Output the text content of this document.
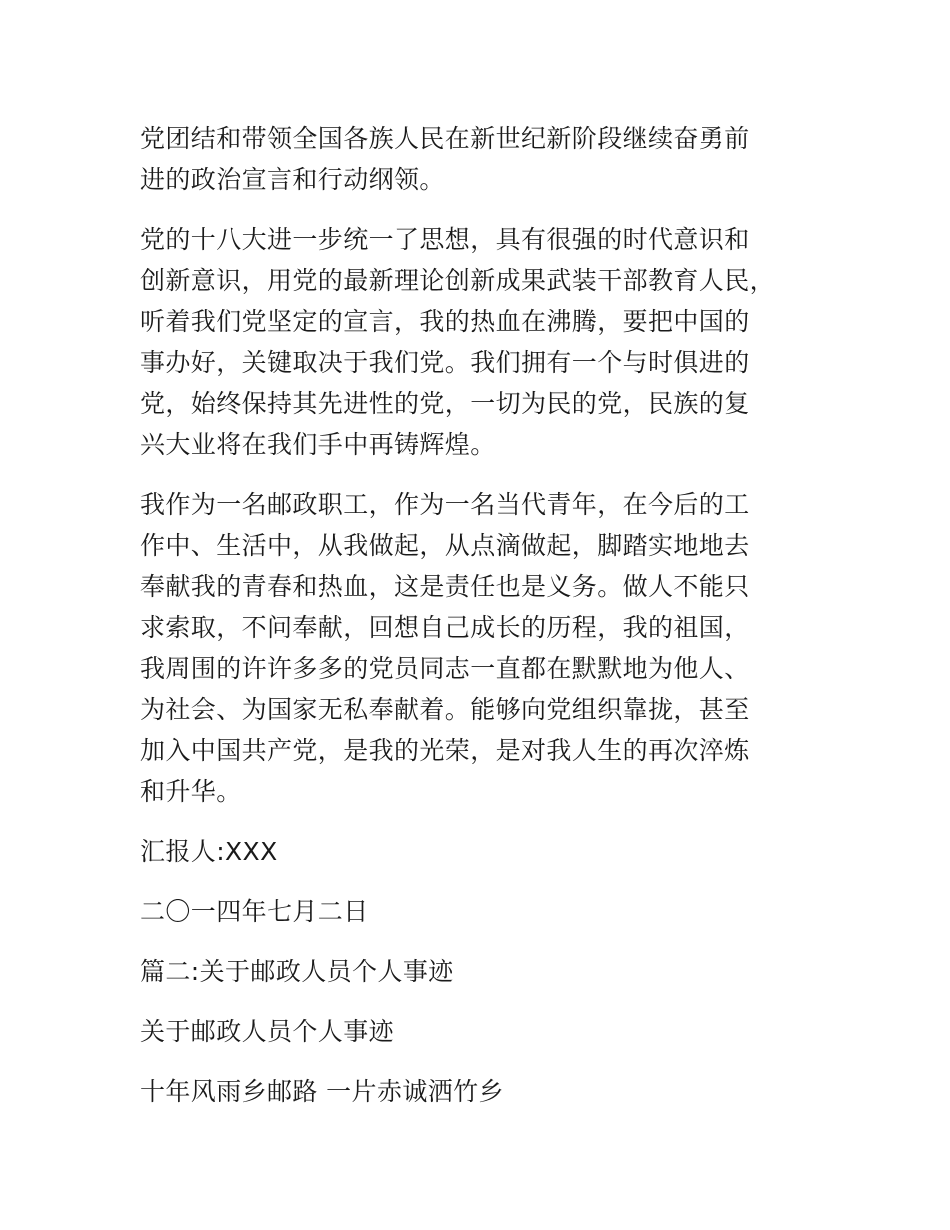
党团结和带领全国各族人民在新世纪新阶段继续奋勇前
进的政治宣言和行动纲领。
党的十八大进一步统一了思想，具有很强的时代意识和
创新意识，用党的最新理论创新成果武装干部教育人民，
听着我们党坚定的宣言，我的热血在沸腾，要把中国的
事办好，关键取决于我们党。我们拥有一个与时俱进的
党，始终保持其先进性的党，一切为民的党，民族的复
兴大业将在我们手中再铸辉煌。
我作为一名邮政职工，作为一名当代青年，在今后的工
作中、生活中，从我做起，从点滴做起，脚踏实地地去
奉献我的青春和热血，这是责任也是义务。做人不能只
求索取，不问奉献，回想自己成长的历程，我的祖国，
我周围的许许多多的党员同志一直都在默默地为他人、
为社会、为国家无私奉献着。能够向党组织靠拢，甚至
加入中国共产党，是我的光荣，是对我人生的再次淬炼
和升华。
汇报人:XXX
二〇一四年七月二日
篇二:关于邮政人员个人事迹
关于邮政人员个人事迹
十年风雨乡邮路 一片赤诚洒竹乡
